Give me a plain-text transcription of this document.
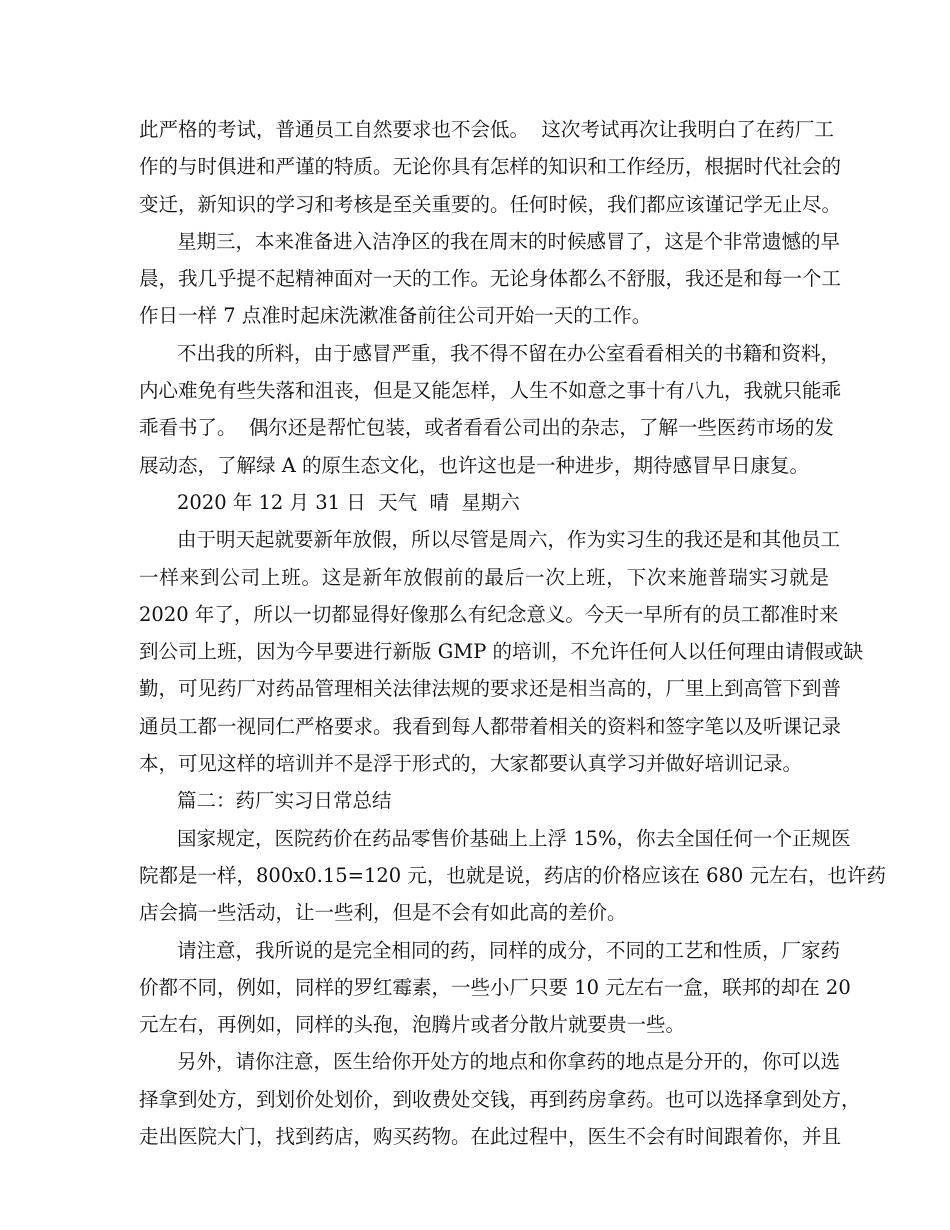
此严格的考试，普通员工自然要求也不会低。  这次考试再次让我明白了在药厂工
作的与时俱进和严谨的特质。无论你具有怎样的知识和工作经历，根据时代社会的
变迁，新知识的学习和考核是至关重要的。任何时候，我们都应该谨记学无止尽。
星期三，本来准备进入洁净区的我在周末的时候感冒了，这是个非常遗憾的早
晨，我几乎提不起精神面对一天的工作。无论身体都么不舒服，我还是和每一个工
作日一样 7 点准时起床洗漱准备前往公司开始一天的工作。
不出我的所料，由于感冒严重，我不得不留在办公室看看相关的书籍和资料，
内心难免有些失落和沮丧，但是又能怎样，人生不如意之事十有八九，我就只能乖
乖看书了。  偶尔还是帮忙包装，或者看看公司出的杂志，了解一些医药市场的发
展动态，了解绿 A 的原生态文化，也许这也是一种进步，期待感冒早日康复。
2020 年 12 月 31 日  天气  晴  星期六
由于明天起就要新年放假，所以尽管是周六，作为实习生的我还是和其他员工
一样来到公司上班。这是新年放假前的最后一次上班，下次来施普瑞实习就是
2020 年了，所以一切都显得好像那么有纪念意义。今天一早所有的员工都准时来
到公司上班，因为今早要进行新版 GMP 的培训，不允许任何人以任何理由请假或缺
勤，可见药厂对药品管理相关法律法规的要求还是相当高的，厂里上到高管下到普
通员工都一视同仁严格要求。我看到每人都带着相关的资料和签字笔以及听课记录
本，可见这样的培训并不是浮于形式的，大家都要认真学习并做好培训记录。
篇二：药厂实习日常总结
国家规定，医院药价在药品零售价基础上上浮 15%，你去全国任何一个正规医
院都是一样，800x0.15=120 元，也就是说，药店的价格应该在 680 元左右，也许药
店会搞一些活动，让一些利，但是不会有如此高的差价。
请注意，我所说的是完全相同的药，同样的成分，不同的工艺和性质，厂家药
价都不同，例如，同样的罗红霉素，一些小厂只要 10 元左右一盒，联邦的却在 20
元左右，再例如，同样的头孢，泡腾片或者分散片就要贵一些。
另外，请你注意，医生给你开处方的地点和你拿药的地点是分开的，你可以选
择拿到处方，到划价处划价，到收费处交钱，再到药房拿药。也可以选择拿到处方，
走出医院大门，找到药店，购买药物。在此过程中，医生不会有时间跟着你，并且
